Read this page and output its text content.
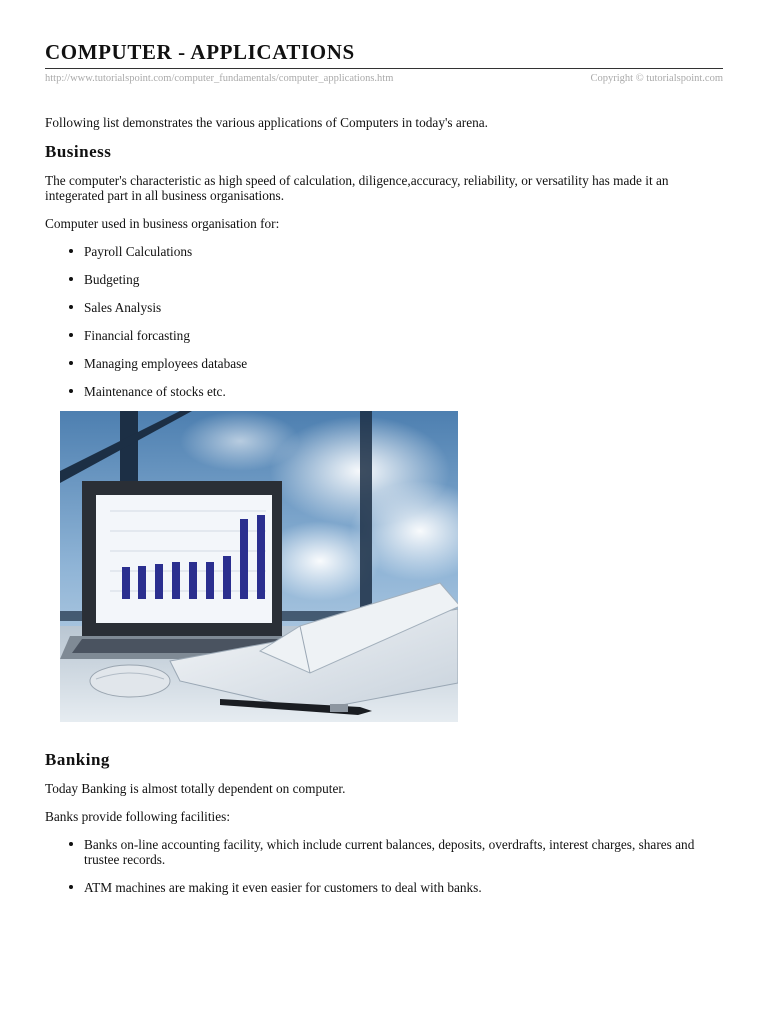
COMPUTER - APPLICATIONS
http://www.tutorialspoint.com/computer_fundamentals/computer_applications.htm	Copyright © tutorialspoint.com

Following list demonstrates the various applications of Computers in today's arena.

Business

The computer's characteristic as high speed of calculation, diligence,accuracy, reliability, or versatility has made it an integerated part in all business organisations.

Computer used in business organisation for:

Payroll Calculations
Budgeting
Sales Analysis
Financial forcasting
Managing employees database
Maintenance of stocks etc.
Banking

Today Banking is almost totally dependent on computer.

Banks provide following facilities:

Banks on-line accounting facility, which include current balances, deposits, overdrafts, interest charges, shares and trustee records.
ATM machines are making it even easier for customers to deal with banks.
